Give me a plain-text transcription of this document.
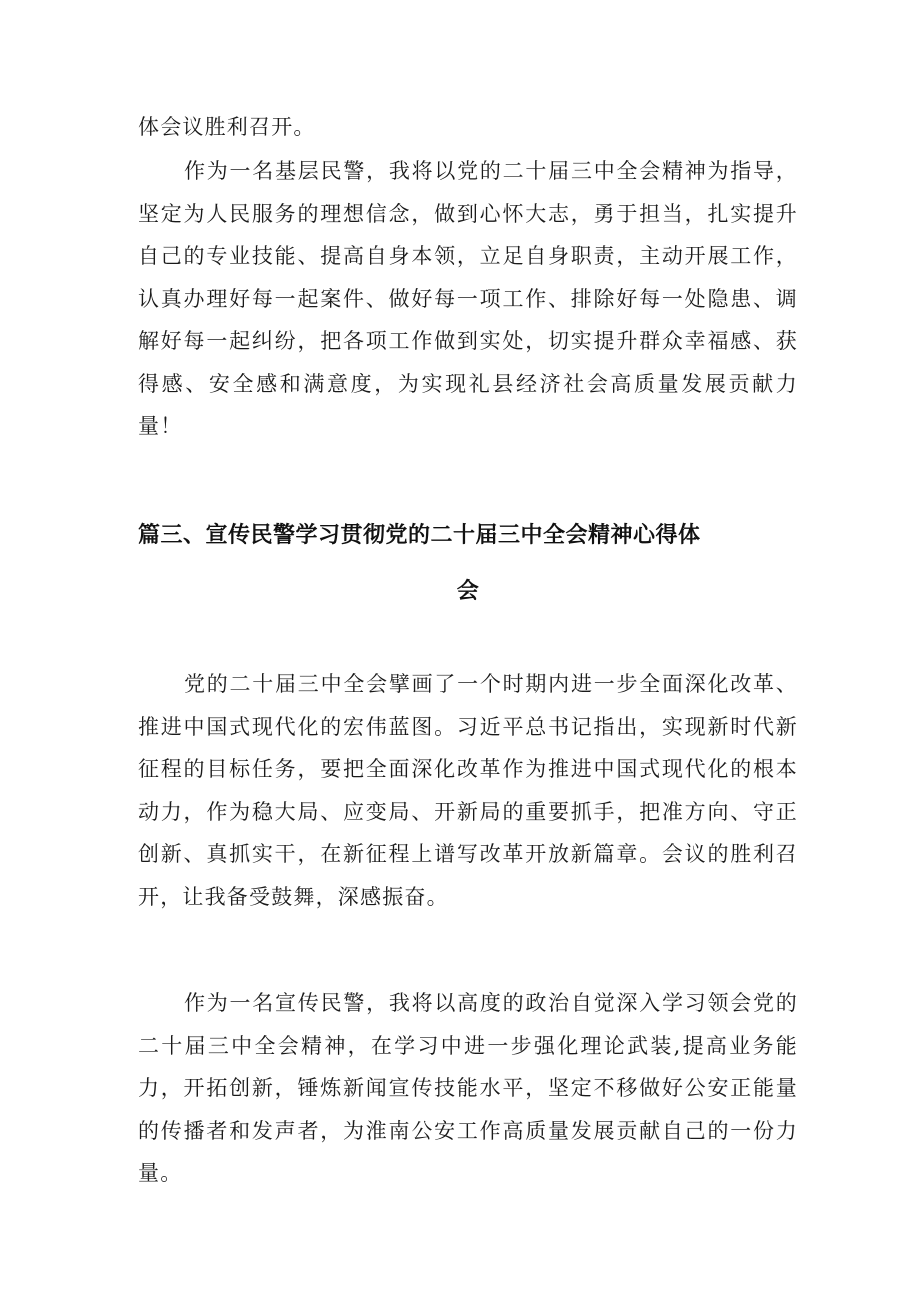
体会议胜利召开。

作为一名基层民警，我将以党的二十届三中全会精神为指导，坚定为人民服务的理想信念，做到心怀大志，勇于担当，扎实提升自己的专业技能、提高自身本领，立足自身职责，主动开展工作，认真办理好每一起案件、做好每一项工作、排除好每一处隐患、调解好每一起纠纷，把各项工作做到实处，切实提升群众幸福感、获得感、安全感和满意度，为实现礼县经济社会高质量发展贡献力量！

篇三、宣传民警学习贯彻党的二十届三中全会精神心得体
会

党的二十届三中全会擘画了一个时期内进一步全面深化改革、推进中国式现代化的宏伟蓝图。习近平总书记指出，实现新时代新征程的目标任务，要把全面深化改革作为推进中国式现代化的根本动力，作为稳大局、应变局、开新局的重要抓手，把准方向、守正创新、真抓实干，在新征程上谱写改革开放新篇章。会议的胜利召开，让我备受鼓舞，深感振奋。

作为一名宣传民警，我将以高度的政治自觉深入学习领会党的二十届三中全会精神，在学习中进一步强化理论武装,提高业务能力，开拓创新，锤炼新闻宣传技能水平，坚定不移做好公安正能量的传播者和发声者，为淮南公安工作高质量发展贡献自己的一份力量。
